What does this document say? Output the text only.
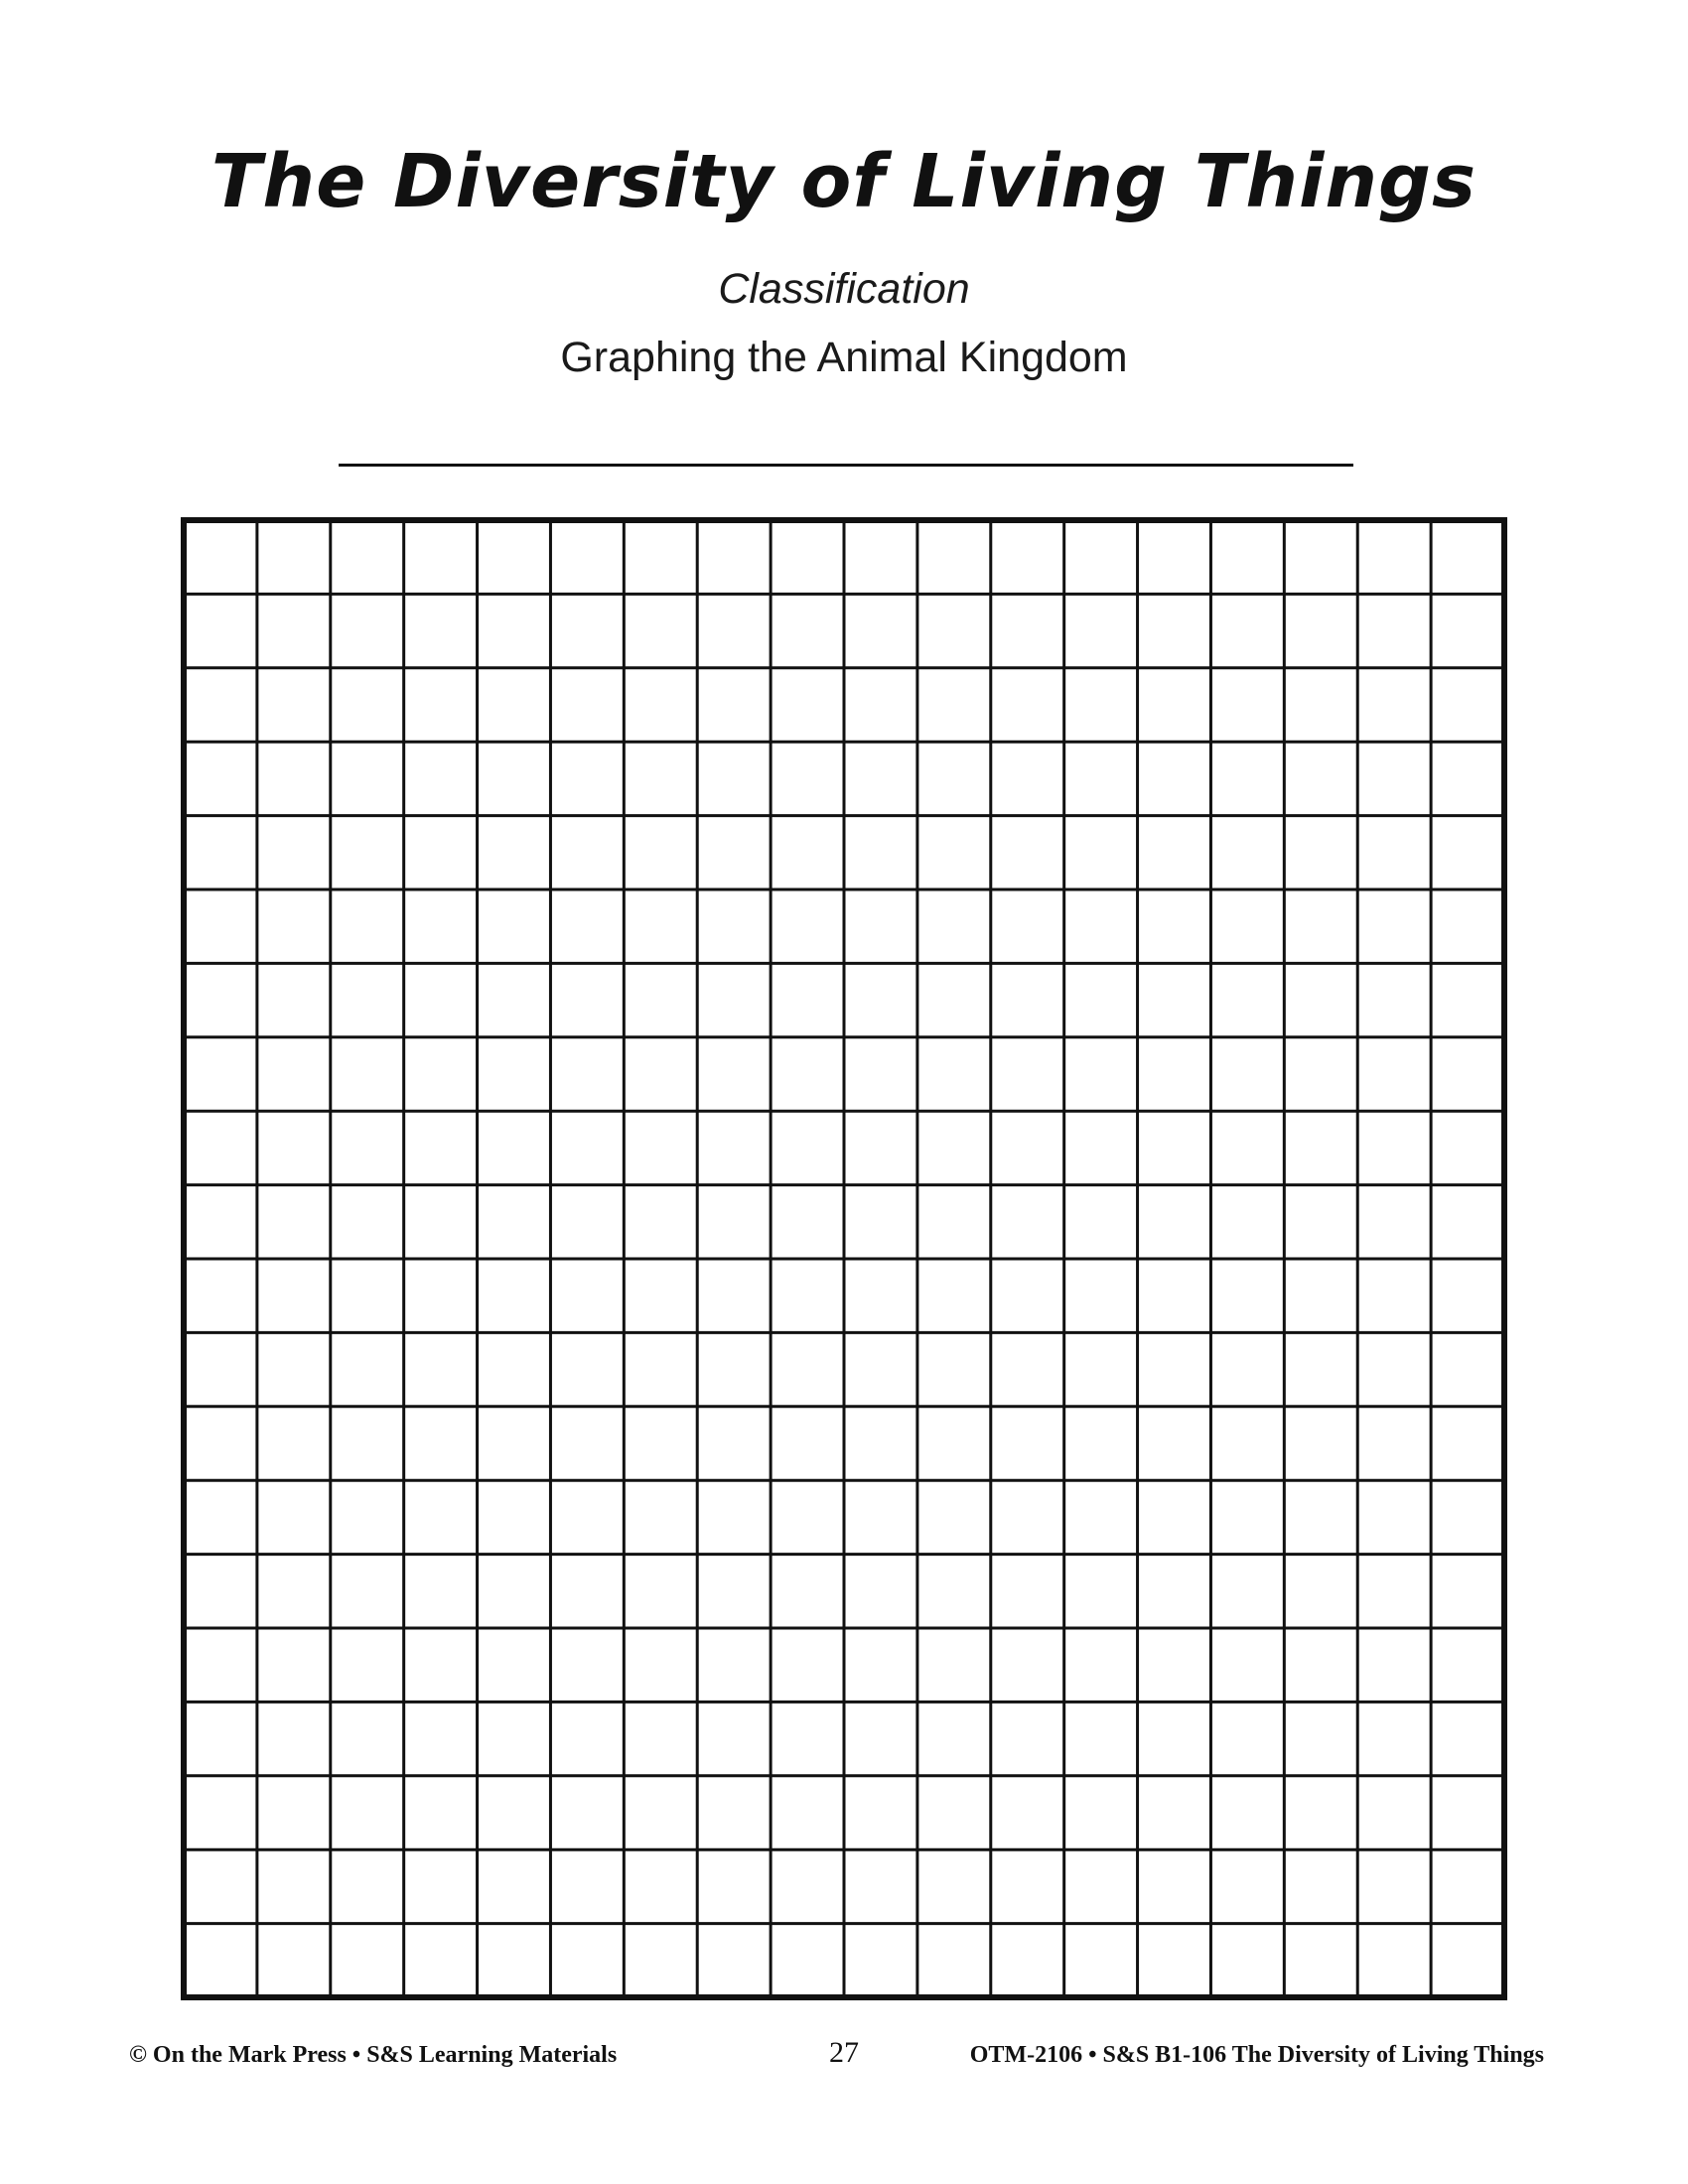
The Diversity of Living Things
Classification
Graphing the Animal Kingdom
© On the Mark Press • S&S Learning Materials	27	OTM-2106 • S&S B1-106 The Diversity of Living Things
